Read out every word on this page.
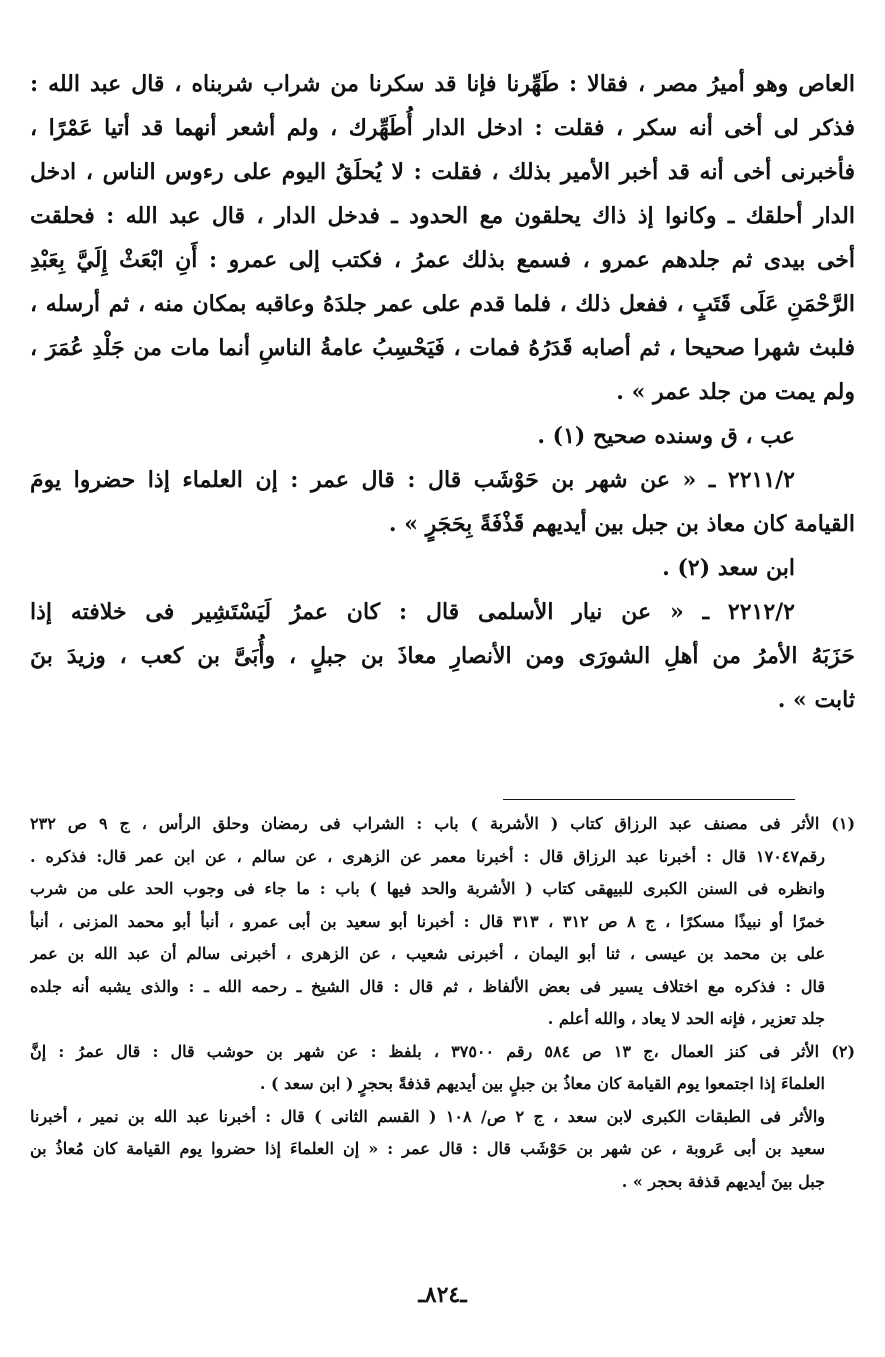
العاص وهو أميرُ مصر ، فقالا : طَهِّرنا فإنا قد سكرنا من شراب شربناه ، قال عبد الله :
فذكر لى أخى أنه سكر ، فقلت : ادخل الدار أُطَهِّرك ، ولم أشعر أنهما قد أتيا عَمْرًا ،
فأخبرنى أخى أنه قد أخبر الأمير بذلك ، فقلت : لا يُحلَقُ اليوم على رءوس الناس ، ادخل
الدار أحلقك ـ وكانوا إذ ذاك يحلقون مع الحدود ـ فدخل الدار ، قال عبد الله : فحلقت
أخى بيدى ثم جلدهم عمرو ، فسمع بذلك عمرُ ، فكتب إلى عمرو : أَنِ ابْعَثْ إِلَيَّ بِعَبْدِ
الرَّحْمَنِ عَلَى قَتَبٍ ، ففعل ذلك ، فلما قدم على عمر جلدَهُ وعاقبه بمكان منه ، ثم أرسله ،
فلبث شهرا صحيحا ، ثم أصابه قَدَرُهُ فمات ، فَيَحْسِبُ عامةُ الناسِ أنما مات من جَلْدِ عُمَرَ ،
ولم يمت من جلد عمر » .
عب ، ق وسنده صحيح (١) .
٢٢١١/٢ ـ « عن شهر بن حَوْشَب قال : قال عمر : إن العلماء إذا حضروا يومَ
القيامة كان معاذ بن جبل بين أيديهم قَذْفَةً بِحَجَرٍ » .
ابن سعد (٢) .
٢٢١٢/٢ ـ « عن نيار الأسلمى قال : كان عمرُ لَيَسْتَشِير فى خلافته إذا
حَزَبَهُ الأمرُ من أهلِ الشورَى ومن الأنصارِ معاذَ بن جبلٍ ، وأُبَىَّ بن كعب ، وزيدَ بنَ
ثابت » .
(١) الأثر فى مصنف عبد الرزاق كتاب ( الأشربة ) باب : الشراب فى رمضان وحلق الرأس ، ج ٩ ص ٢٣٢
رقم١٧٠٤٧ قال : أخبرنا عبد الرزاق قال : أخبرنا معمر عن الزهرى ، عن سالم ، عن ابن عمر قال: فذكره .
وانظره فى السنن الكبرى للبيهقى كتاب ( الأشربة والحد فيها ) باب : ما جاء فى وجوب الحد على من شرب
خمرًا أو نبيذًا مسكرًا ، ج ٨ ص ٣١٢ ، ٣١٣ قال : أخبرنا أبو سعيد بن أبى عمرو ، أنبأ أبو محمد المزنى ، أنبأ
على بن محمد بن عيسى ، ثنا أبو اليمان ، أخبرنى شعيب ، عن الزهرى ، أخبرنى سالم أن عبد الله بن عمر
قال : فذكره مع اختلاف يسير فى بعض الألفاظ ، ثم قال : قال الشيخ ـ رحمه الله ـ : والذى يشبه أنه جلده
جلد تعزير ، فإنه الحد لا يعاد ، والله أعلم .
(٢) الأثر فى كنز العمال ،ج ١٣ ص ٥٨٤ رقم ٣٧٥٠٠ ، بلفظ : عن شهر بن حوشب قال : قال عمرُ : إنَّ
العلماءَ إذا اجتمعوا يوم القيامة كان معاذُ بن جبلٍ بين أيديهم قذفةً بحجرٍ ( ابن سعد ) .
والأثر فى الطبقات الكبرى لابن سعد ، ج ٢ ص/ ١٠٨ ( القسم الثانى ) قال : أخبرنا عبد الله بن نمير ، أخبرنا
سعيد بن أبى عَروبة ، عن شهر بن حَوْشَب قال : قال عمر : « إن العلماءَ إذا حضروا يوم القيامة كان مُعاذُ بن
جبل بينَ أيديهم قذفة بحجر » .
ـ٨٢٤ـ
